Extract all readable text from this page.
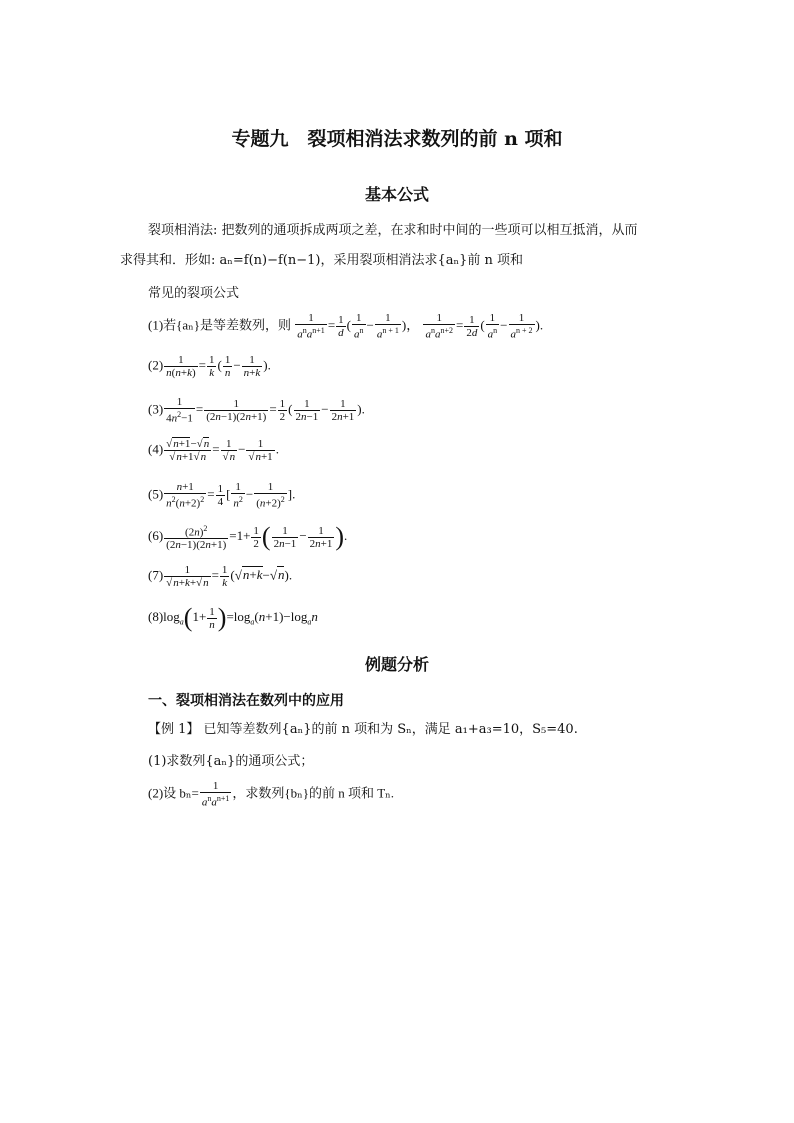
专题九　裂项相消法求数列的前 n 项和
基本公式
裂项相消法: 把数列的通项拆成两项之差，在求和时中间的一些项可以相互抵消，从而
求得其和．形如: aₙ=f(n)−f(n−1)，采用裂项相消法求{aₙ}前 n 项和
常见的裂项公式
(1)若{aₙ}是等差数列，则 $\frac{1}{a^na^{n+1}} = \frac{1}{d}$ ( $\frac{1}{a^n} - \frac{1}{a^{n + 1}}$ )， $\frac{1}{a^na^{n+2}} = \frac{1}{2d}$ ( $\frac{1}{a^n} - \frac{1}{a^{n + 2}}$ ).
$(2) \frac{1}{n(n+k)} = \frac{1}{k}$ ( $\frac{1}{n} - \frac{1}{n+k}$ ).
$(3) \frac{1}{4n^2-1} = \frac{1}{(2n-1)(2n+1)} = \frac{1}{2}$ ( $\frac{1}{2n-1} - \frac{1}{2n+1}$ ).
$(4) \frac{√n+1-√n}{√n+1√n} = \frac{1}{√n} - \frac{1}{√n+1}$ .
$(5) \frac{n+1}{n^2(n+2)^2} = \frac{1}{4}$ [ $\frac{1}{n^2} - \frac{1}{(n+2)^2}$ ].
$(6) \frac{(2n)^2}{(2n-1)(2n+1)} =1+ \frac{1}{2}$ ( $\frac{1}{2n-1} - \frac{1}{2n+1}$ ).
$(7) \frac{1}{√n+k+√n} = \frac{1}{k} (√n+k-√n)$.
$(8)\log_a(1+ \frac{1}{n} )=\log_a(n+1)-\log_an$
例题分析
一、裂项相消法在数列中的应用
【例 1】 已知等差数列{aₙ}的前 n 项和为 Sₙ，满足 a₁+a₃=10，S₅=40.
(1)求数列{aₙ}的通项公式；
(2)设 $b_n= \frac{1}{a^na^{n+1}}$ ，求数列{bₙ}的前 n 项和 Tₙ.
